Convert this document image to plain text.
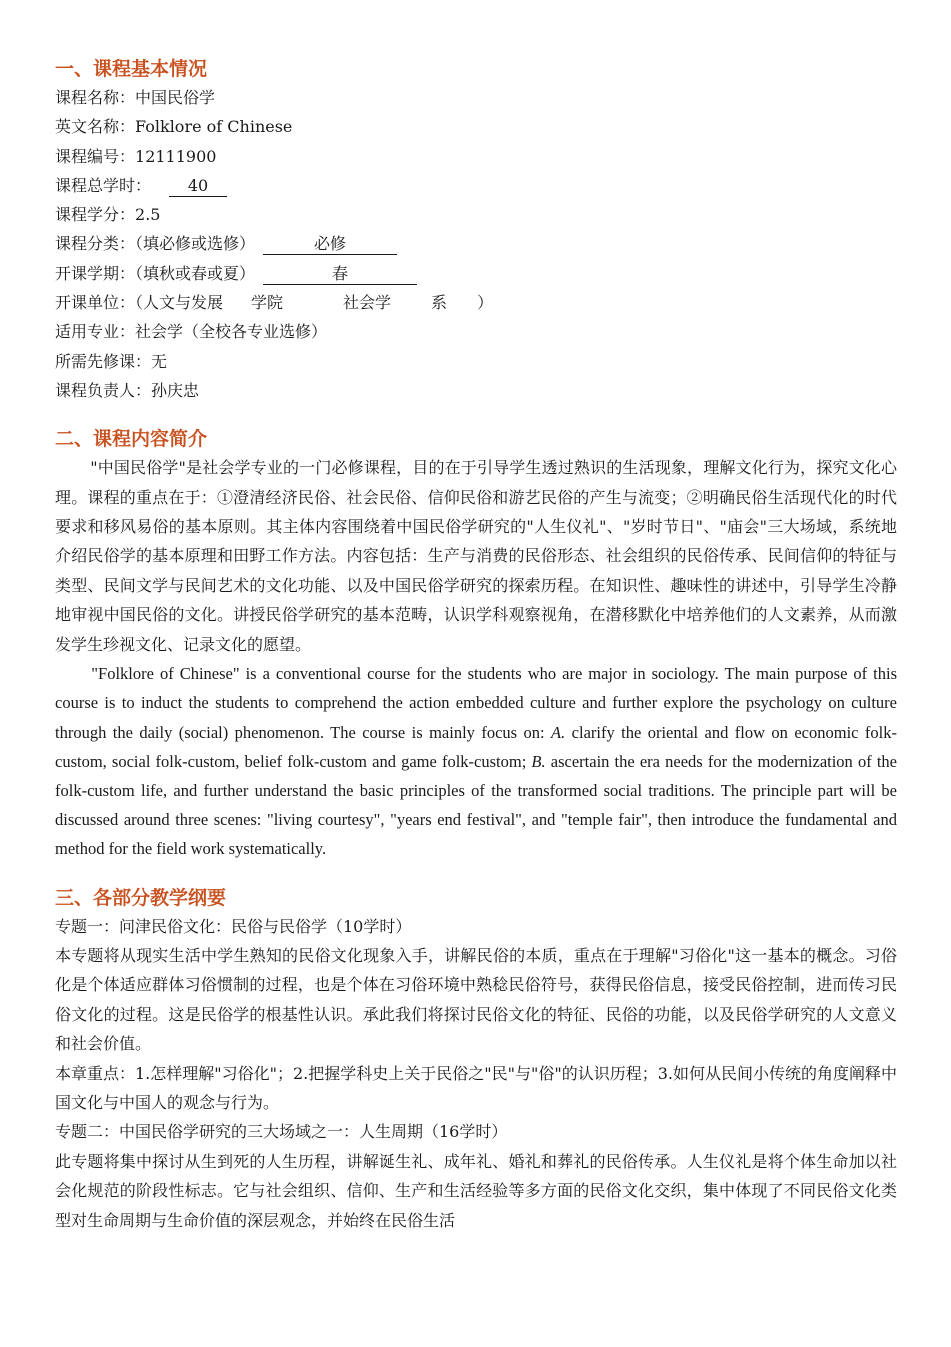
一、课程基本情况
课程名称：中国民俗学
英文名称：Folklore of Chinese
课程编号：12111900
课程总学时： 40
课程学分：2.5
课程分类：（填必修或选修）	必修
开课学期：（填秋或春或夏）	春
开课单位：（人文与发展 学院	社会学	系 ）
适用专业：社会学（全校各专业选修）
所需先修课：无
课程负责人：孙庆忠
二、课程内容简介

"中国民俗学"是社会学专业的一门必修课程，目的在于引导学生透过熟识的生活现象，理解文化行为，探究文化心理。课程的重点在于：①澄清经济民俗、社会民俗、信仰民俗和游艺民俗的产生与流变；②明确民俗生活现代化的时代要求和移风易俗的基本原则。其主体内容围绕着中国民俗学研究的"人生仪礼"、"岁时节日"、"庙会"三大场域，系统地介绍民俗学的基本原理和田野工作方法。内容包括：生产与消费的民俗形态、社会组织的民俗传承、民间信仰的特征与类型、民间文学与民间艺术的文化功能、以及中国民俗学研究的探索历程。在知识性、趣味性的讲述中，引导学生冷静地审视中国民俗的文化。讲授民俗学研究的基本范畴，认识学科观察视角，在潜移默化中培养他们的人文素养，从而激发学生珍视文化、记录文化的愿望。

"Folklore of Chinese" is a conventional course for the students who are major in sociology. The main purpose of this course is to induct the students to comprehend the action embedded culture and further explore the psychology on culture through the daily (social) phenomenon. The course is mainly focus on: A. clarify the oriental and flow on economic folk-custom, social folk-custom, belief folk-custom and game folk-custom; B. ascertain the era needs for the modernization of the folk-custom life, and further understand the basic principles of the transformed social traditions. The principle part will be discussed around three scenes: "living courtesy", "years end festival", and "temple fair", then introduce the fundamental and method for the field work systematically.

三、各部分教学纲要

专题一：问津民俗文化：民俗与民俗学（10学时）

本专题将从现实生活中学生熟知的民俗文化现象入手，讲解民俗的本质，重点在于理解"习俗化"这一基本的概念。习俗化是个体适应群体习俗惯制的过程，也是个体在习俗环境中熟稔民俗符号，获得民俗信息，接受民俗控制，进而传习民俗文化的过程。这是民俗学的根基性认识。承此我们将探讨民俗文化的特征、民俗的功能，以及民俗学研究的人文意义和社会价值。

本章重点：1.怎样理解"习俗化"；2.把握学科史上关于民俗之"民"与"俗"的认识历程；3.如何从民间小传统的角度阐释中国文化与中国人的观念与行为。

专题二：中国民俗学研究的三大场域之一：人生周期（16学时）

此专题将集中探讨从生到死的人生历程，讲解诞生礼、成年礼、婚礼和葬礼的民俗传承。人生仪礼是将个体生命加以社会化规范的阶段性标志。它与社会组织、信仰、生产和生活经验等多方面的民俗文化交织，集中体现了不同民俗文化类型对生命周期与生命价值的深层观念，并始终在民俗生活
